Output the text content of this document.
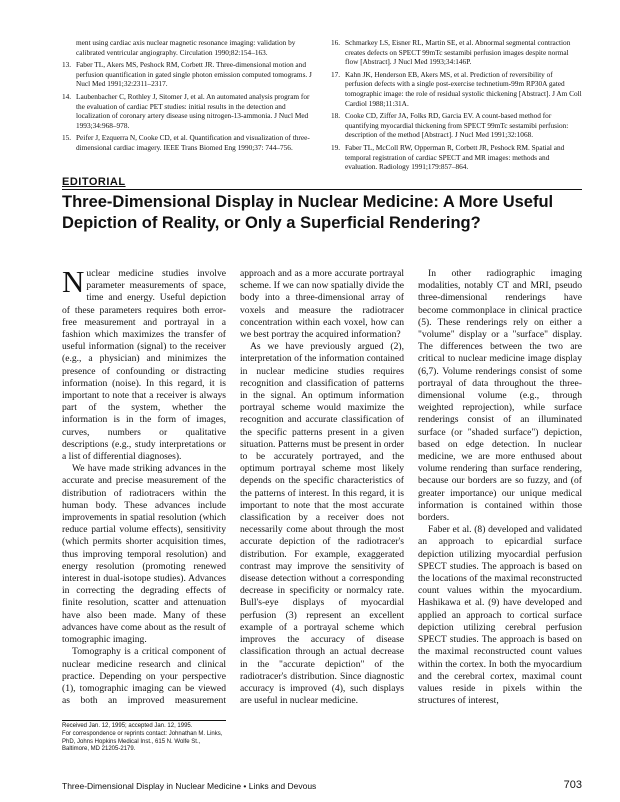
ment using cardiac axis nuclear magnetic resonance imaging: validation by calibrated ventricular angiography. Circulation 1990;82:154–163.
13. Faber TL, Akers MS, Peshock RM, Corbett JR. Three-dimensional motion and perfusion quantification in gated single photon emission computed tomograms. J Nucl Med 1991;32:2311–2317.
14. Laubenbacher C, Rothley J, Sitomer J, et al. An automated analysis program for the evaluation of cardiac PET studies: initial results in the detection and localization of coronary artery disease using nitrogen-13-ammonia. J Nucl Med 1993;34:968–978.
15. Peifer J, Ezquerra N, Cooke CD, et al. Quantification and visualization of three-dimensional cardiac imagery. IEEE Trans Biomed Eng 1990;37: 744–756.
16. Schmarkey LS, Eisner RL, Martin SE, et al. Abnormal segmental contraction creates defects on SPECT 99mTc sestamibi perfusion images despite normal flow [Abstract]. J Nucl Med 1993;34:146P.
17. Kahn JK, Henderson EB, Akers MS, et al. Prediction of reversibility of perfusion defects with a single post-exercise technetium-99m RP30A gated tomographic image: the role of residual systolic thickening [Abstract]. J Am Coll Cardiol 1988;11:31A.
18. Cooke CD, Ziffer JA, Folks RD, Garcia EV. A count-based method for quantifying myocardial thickening from SPECT 99mTc sestamibi perfusion: description of the method [Abstract]. J Nucl Med 1991;32:1068.
19. Faber TL, McColl RW, Opperman R, Corbett JR, Peshock RM. Spatial and temporal registration of cardiac SPECT and MR images: methods and evaluation. Radiology 1991;179:857–864.
EDITORIAL
Three-Dimensional Display in Nuclear Medicine: A More Useful Depiction of Reality, or Only a Superficial Rendering?

Nuclear medicine studies involve parameter measurements of space, time and energy. Useful depiction of these parameters requires both error-free measurement and portrayal in a fashion which maximizes the transfer of useful information (signal) to the receiver (e.g., a physician) and minimizes the presence of confounding or distracting information (noise). In this regard, it is important to note that a receiver is always part of the system, whether the information is in the form of images, curves, numbers or qualitative descriptions (e.g., study interpretations or a list of differential diagnoses).

We have made striking advances in the accurate and precise measurement of the distribution of radiotracers within the human body. These advances include improvements in spatial resolution (which reduce partial volume effects), sensitivity (which permits shorter acquisition times, thus improving temporal resolution) and energy resolution (promoting renewed interest in dual-isotope studies). Advances in correcting the degrading effects of finite resolution, scatter and attenuation have also been made. Many of these advances have come about as the result of tomographic imaging.

Tomography is a critical component of nuclear medicine research and clinical practice. Depending on your perspective (1), tomographic imaging can be viewed as both an improved measurement approach and as a more accurate portrayal scheme. If we can now spatially divide the body into a three-dimensional array of voxels and measure the radiotracer concentration within each voxel, how can we best portray the acquired information?

As we have previously argued (2), interpretation of the information contained in nuclear medicine studies requires recognition and classification of patterns in the signal. An optimum information portrayal scheme would maximize the recognition and accurate classification of the specific patterns present in a given situation. Patterns must be present in order to be accurately portrayed, and the optimum portrayal scheme most likely depends on the specific characteristics of the patterns of interest. In this regard, it is important to note that the most accurate classification by a receiver does not necessarily come about through the most accurate depiction of the radiotracer's distribution. For example, exaggerated contrast may improve the sensitivity of disease detection without a corresponding decrease in specificity or normalcy rate. Bull's-eye displays of myocardial perfusion (3) represent an excellent example of a portrayal scheme which improves the accuracy of disease classification through an actual decrease in the "accurate depiction" of the radiotracer's distribution. Since diagnostic accuracy is improved (4), such displays are useful in nuclear medicine.

In other radiographic imaging modalities, notably CT and MRI, pseudo three-dimensional renderings have become commonplace in clinical practice (5). These renderings rely on either a "volume" display or a "surface" display. The differences between the two are critical to nuclear medicine image display (6,7). Volume renderings consist of some portrayal of data throughout the three-dimensional volume (e.g., through weighted reprojection), while surface renderings consist of an illuminated surface (or "shaded surface") depiction, based on edge detection. In nuclear medicine, we are more enthused about volume rendering than surface rendering, because our borders are so fuzzy, and (of greater importance) our unique medical information is contained within those borders.

Faber et al. (8) developed and validated an approach to epicardial surface depiction utilizing myocardial perfusion SPECT studies. The approach is based on the locations of the maximal reconstructed count values within the myocardium. Hashikawa et al. (9) have developed and applied an approach to cortical surface depiction utilizing cerebral perfusion SPECT studies. The approach is based on the maximal reconstructed count values within the cortex. In both the myocardium and the cerebral cortex, maximal count values reside in pixels within the structures of interest,

Received Jan. 12, 1995; accepted Jan. 12, 1995.
For correspondence or reprints contact: Johnathan M. Links, PhD, Johns Hopkins Medical Inst., 615 N. Wolfe St., Baltimore, MD 21205-2179.
Three-Dimensional Display in Nuclear Medicine • Links and Devous	703
